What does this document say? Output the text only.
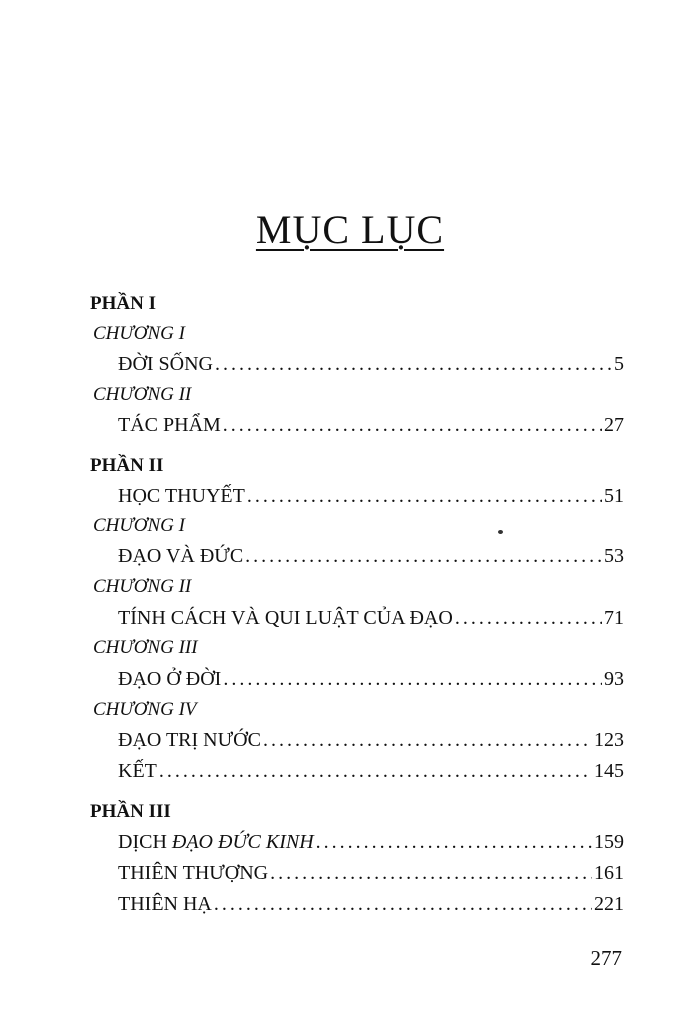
MỤC LỤC
PHẦN I
CHƯƠNG I
ĐỜI SỐNG .....	5
CHƯƠNG II
TÁC PHẨM .....	27
PHẦN II
HỌC THUYẾT .....	51
CHƯƠNG I
ĐẠO VÀ ĐỨC .....	53
CHƯƠNG II
TÍNH CÁCH VÀ QUI LUẬT CỦA ĐẠO .....	71
CHƯƠNG III
ĐẠO Ở ĐỜI .....	93
CHƯƠNG IV
ĐẠO TRỊ NƯỚC .....	123
KẾT .....	145
PHẦN III
DỊCH ĐẠO ĐỨC KINH .....	159
THIÊN THƯỢNG .....	161
THIÊN HẠ .....	221
277
